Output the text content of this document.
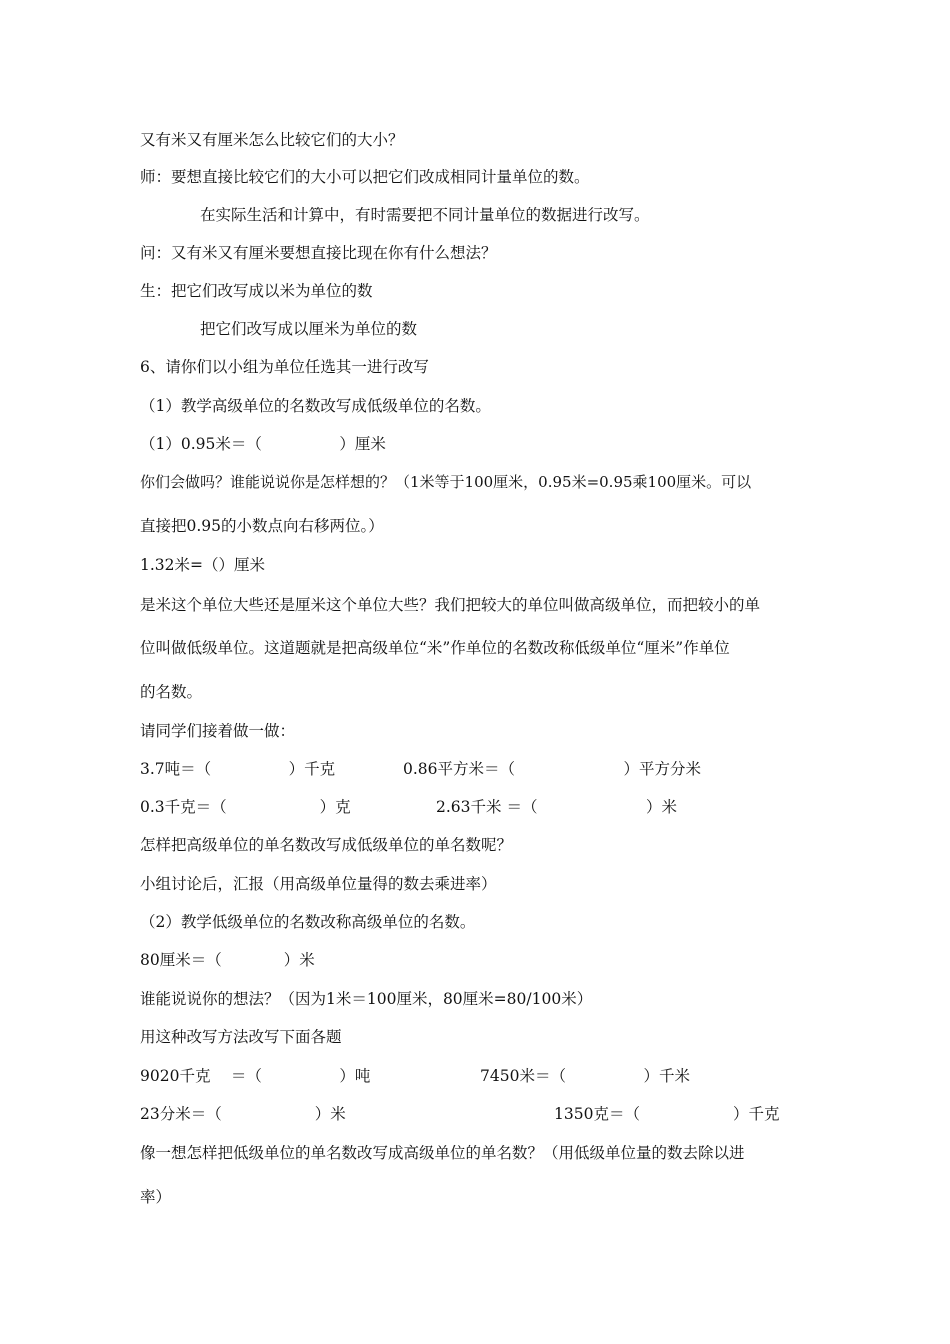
又有米又有厘米怎么比较它们的大小？
师：要想直接比较它们的大小可以把它们改成相同计量单位的数。
在实际生活和计算中，有时需要把不同计量单位的数据进行改写。
问：又有米又有厘米要想直接比现在你有什么想法？
生：把它们改写成以米为单位的数
把它们改写成以厘米为单位的数
6、请你们以小组为单位任选其一进行改写
（1）教学高级单位的名数改写成低级单位的名数。
（1）0.95米＝（　　　　　）厘米
你们会做吗？谁能说说你是怎样想的？（1米等于100厘米，0.95米=0.95乘100厘米。可以
直接把0.95的小数点向右移两位。）
1.32米=（）厘米
是米这个单位大些还是厘米这个单位大些？我们把较大的单位叫做高级单位，而把较小的单
位叫做低级单位。这道题就是把高级单位“米”作单位的名数改称低级单位“厘米”作单位
的名数。
请同学们接着做一做：
3.7吨＝（　　　　　）千克	0.86平方米＝（　　　　　　　）平方分米
0.3千克＝（　　　　　　）克	2.63千米 ＝（　　　　　　　）米
怎样把高级单位的单名数改写成低级单位的单名数呢？
小组讨论后，汇报（用高级单位量得的数去乘进率）
（2）教学低级单位的名数改称高级单位的名数。
80厘米＝（　　　　）米
谁能说说你的想法？（因为1米＝100厘米，80厘米=80/100米）
用这种改写方法改写下面各题
9020千克　 ＝（　　　　　）吨	7450米＝（　　　　　）千米
23分米＝（　　　　　　）米	1350克＝（　　　　　　）千克
像一想怎样把低级单位的单名数改写成高级单位的单名数？（用低级单位量的数去除以进
率）
